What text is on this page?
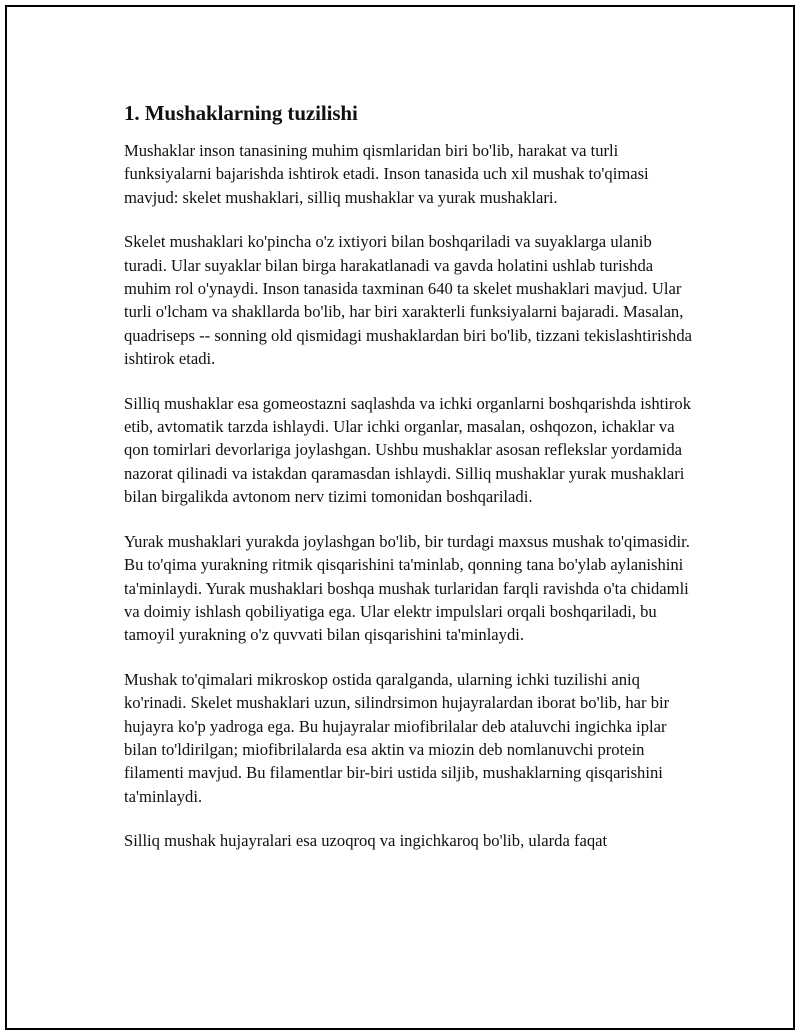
1. Mushaklarning tuzilishi

Mushaklar inson tanasining muhim qismlaridan biri bo'lib, harakat va turli funksiyalarni bajarishda ishtirok etadi. Inson tanasida uch xil mushak to'qimasi mavjud: skelet mushaklari, silliq mushaklar va yurak mushaklari.

Skelet mushaklari ko'pincha o'z ixtiyori bilan boshqariladi va suyaklarga ulanib turadi. Ular suyaklar bilan birga harakatlanadi va gavda holatini ushlab turishda muhim rol o'ynaydi. Inson tanasida taxminan 640 ta skelet mushaklari mavjud. Ular turli o'lcham va shakllarda bo'lib, har biri xarakterli funksiyalarni bajaradi. Masalan, quadriseps -- sonning old qismidagi mushaklardan biri bo'lib, tizzani tekislashtirishda ishtirok etadi.

Silliq mushaklar esa gomeostazni saqlashda va ichki organlarni boshqarishda ishtirok etib, avtomatik tarzda ishlaydi. Ular ichki organlar, masalan, oshqozon, ichaklar va qon tomirlari devorlariga joylashgan. Ushbu mushaklar asosan reflekslar yordamida nazorat qilinadi va istakdan qaramasdan ishlaydi. Silliq mushaklar yurak mushaklari bilan birgalikda avtonom nerv tizimi tomonidan boshqariladi.

Yurak mushaklari yurakda joylashgan bo'lib, bir turdagi maxsus mushak to'qimasidir. Bu to'qima yurakning ritmik qisqarishini ta'minlab, qonning tana bo'ylab aylanishini ta'minlaydi. Yurak mushaklari boshqa mushak turlaridan farqli ravishda o'ta chidamli va doimiy ishlash qobiliyatiga ega. Ular elektr impulslari orqali boshqariladi, bu tamoyil yurakning o'z quvvati bilan qisqarishini ta'minlaydi.

Mushak to'qimalari mikroskop ostida qaralganda, ularning ichki tuzilishi aniq ko'rinadi. Skelet mushaklari uzun, silindrsimon hujayralardan iborat bo'lib, har bir hujayra ko'p yadroga ega. Bu hujayralar miofibrilalar deb ataluvchi ingichka iplar bilan to'ldirilgan; miofibrilalarda esa aktin va miozin deb nomlanuvchi protein filamenti mavjud. Bu filamentlar bir-biri ustida siljib, mushaklarning qisqarishini ta'minlaydi.

Silliq mushak hujayralari esa uzoqroq va ingichkaroq bo'lib, ularda faqat
